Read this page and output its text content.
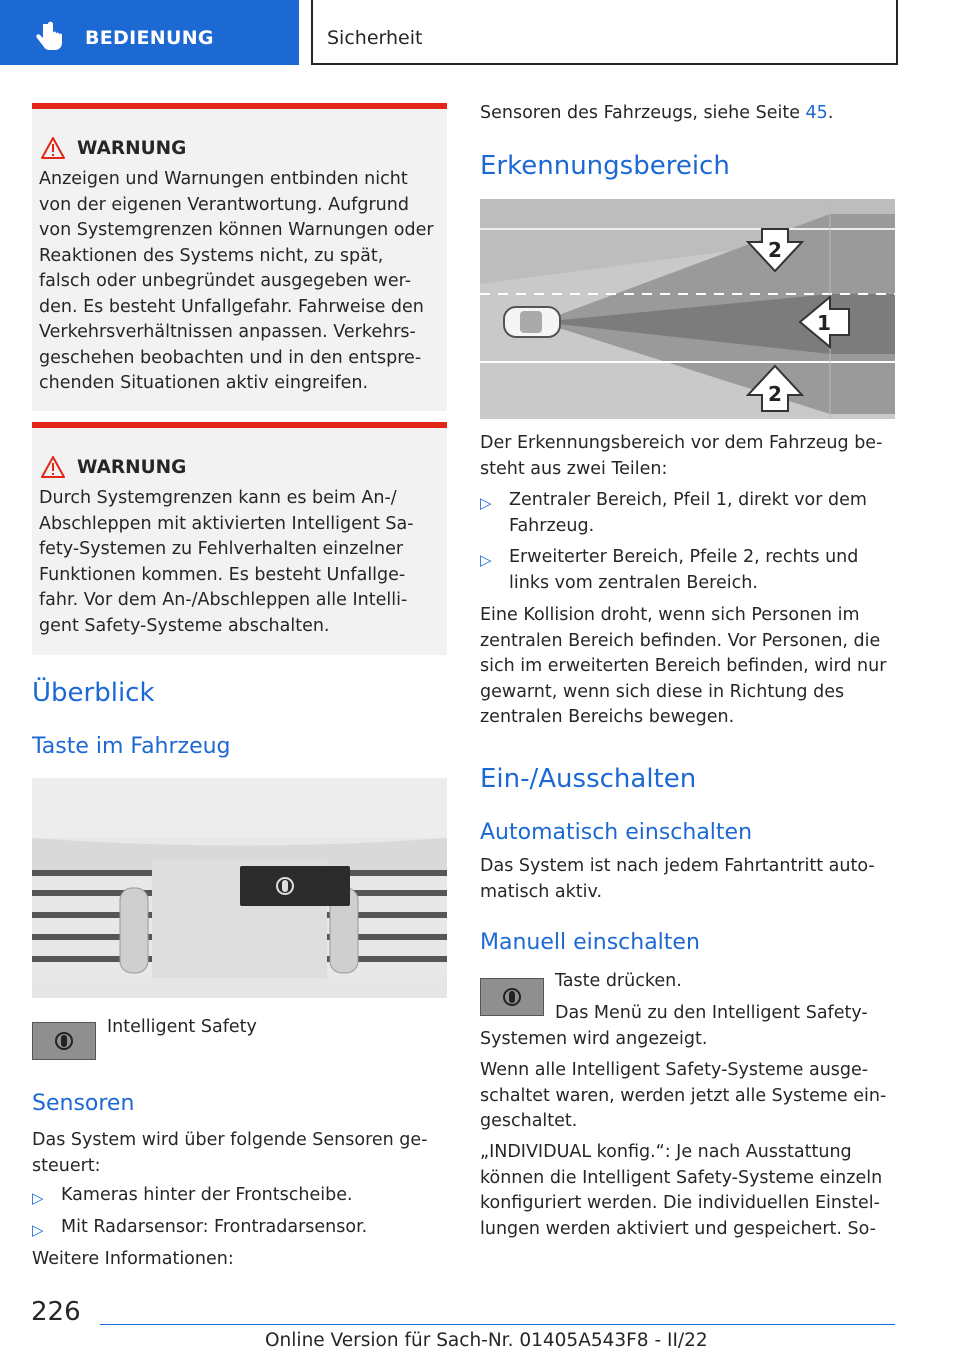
BEDIENUNG	Sicherheit
WARNUNG
Anzeigen und Warnungen entbinden nicht
von der eigenen Verantwortung. Aufgrund
von Systemgrenzen können Warnungen oder
Reaktionen des Systems nicht, zu spät,
falsch oder unbegründet ausgegeben wer-
den. Es besteht Unfallgefahr. Fahrweise den
Verkehrsverhältnissen anpassen. Verkehrs-
geschehen beobachten und in den entspre-
chenden Situationen aktiv eingreifen.
WARNUNG
Durch Systemgrenzen kann es beim An-/
Abschleppen mit aktivierten Intelligent Sa-
fety-Systemen zu Fehlverhalten einzelner
Funktionen kommen. Es besteht Unfallge-
fahr. Vor dem An-/Abschleppen alle Intelli-
gent Safety-Systeme abschalten.
Überblick
Taste im Fahrzeug
Intelligent Safety
Sensoren
Das System wird über folgende Sensoren ge-
steuert:
▷ Kameras hinter der Frontscheibe.
▷ Mit Radarsensor: Frontradarsensor.
Weitere Informationen:
Sensoren des Fahrzeugs, siehe Seite 45.
Erkennungsbereich
2
1
2
Der Erkennungsbereich vor dem Fahrzeug be-
steht aus zwei Teilen:
▷ Zentraler Bereich, Pfeil 1, direkt vor dem
Fahrzeug.
▷ Erweiterter Bereich, Pfeile 2, rechts und
links vom zentralen Bereich.
Eine Kollision droht, wenn sich Personen im
zentralen Bereich befinden. Vor Personen, die
sich im erweiterten Bereich befinden, wird nur
gewarnt, wenn sich diese in Richtung des
zentralen Bereichs bewegen.
Ein-/Ausschalten
Automatisch einschalten
Das System ist nach jedem Fahrtantritt auto-
matisch aktiv.
Manuell einschalten
Taste drücken.
Das Menü zu den Intelligent Safety-
Systemen wird angezeigt.
Wenn alle Intelligent Safety-Systeme ausge-
schaltet waren, werden jetzt alle Systeme ein-
geschaltet.
„INDIVIDUAL konfig.“: Je nach Ausstattung
können die Intelligent Safety-Systeme einzeln
konfiguriert werden. Die individuellen Einstel-
lungen werden aktiviert und gespeichert. So-
226
Online Version für Sach-Nr. 01405A543F8 - II/22
